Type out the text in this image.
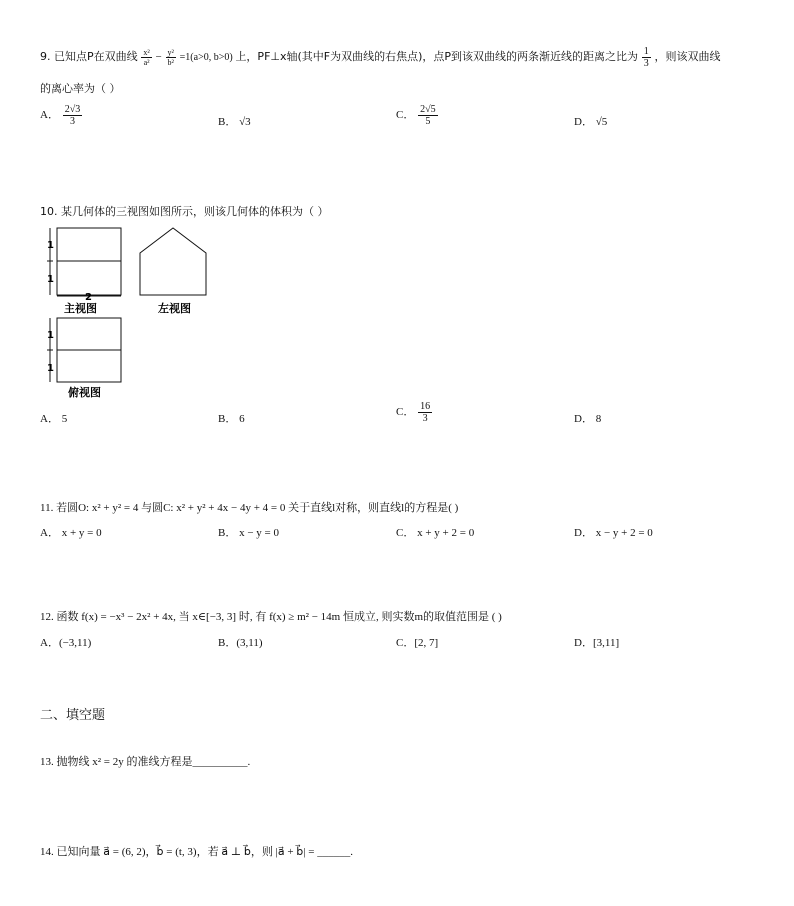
9. 已知点P在双曲线 $\frac{\text{x²}}{\text{a²}} - \frac{\text{y²}}{\text{b²}} =1(a>0$, b>0) 上，PF⊥x轴(其中F为双曲线的右焦点)，点P到该双曲线的两条渐近线的距离之比为 $\frac{1}{3}$ ，则该双曲线
的离心率为（ ）
A． $\frac{2√3}{3}$	B． √3
C． $\frac{2√5}{5}$	D． √5
10. 某几何体的三视图如图所示，则该几何体的体积为（ ）
1
1
2
主视图	左视图
1
1
俯视图
A． 5	B． 6
C． $\frac{16}{3}$	D． 8
11. 若圆O: x² + y² = 4 与圆C: x² + y² + 4x − 4y + 4 = 0 关于直线l对称，则直线l的方程是( )
A． x + y = 0	B． x − y = 0	C． x + y + 2 = 0	D． x − y + 2 = 0
12. 函数 f(x) = −x³ − 2x² + 4x, 当 x∈[−3, 3] 时, 有 f(x) ≥ m² − 14m 恒成立, 则实数m的取值范围是 ( )
A．(−3,11)	B．(3,11)	C．[2, 7]	D．[3,11]
二、填空题
13. 抛物线 x² = 2y 的准线方程是__________.
14. 已知向量 a⃗ = (6, 2)，b⃗ = (t, 3)，若 a⃗ ⊥ b⃗，则 |a⃗ + b⃗| = ______.
